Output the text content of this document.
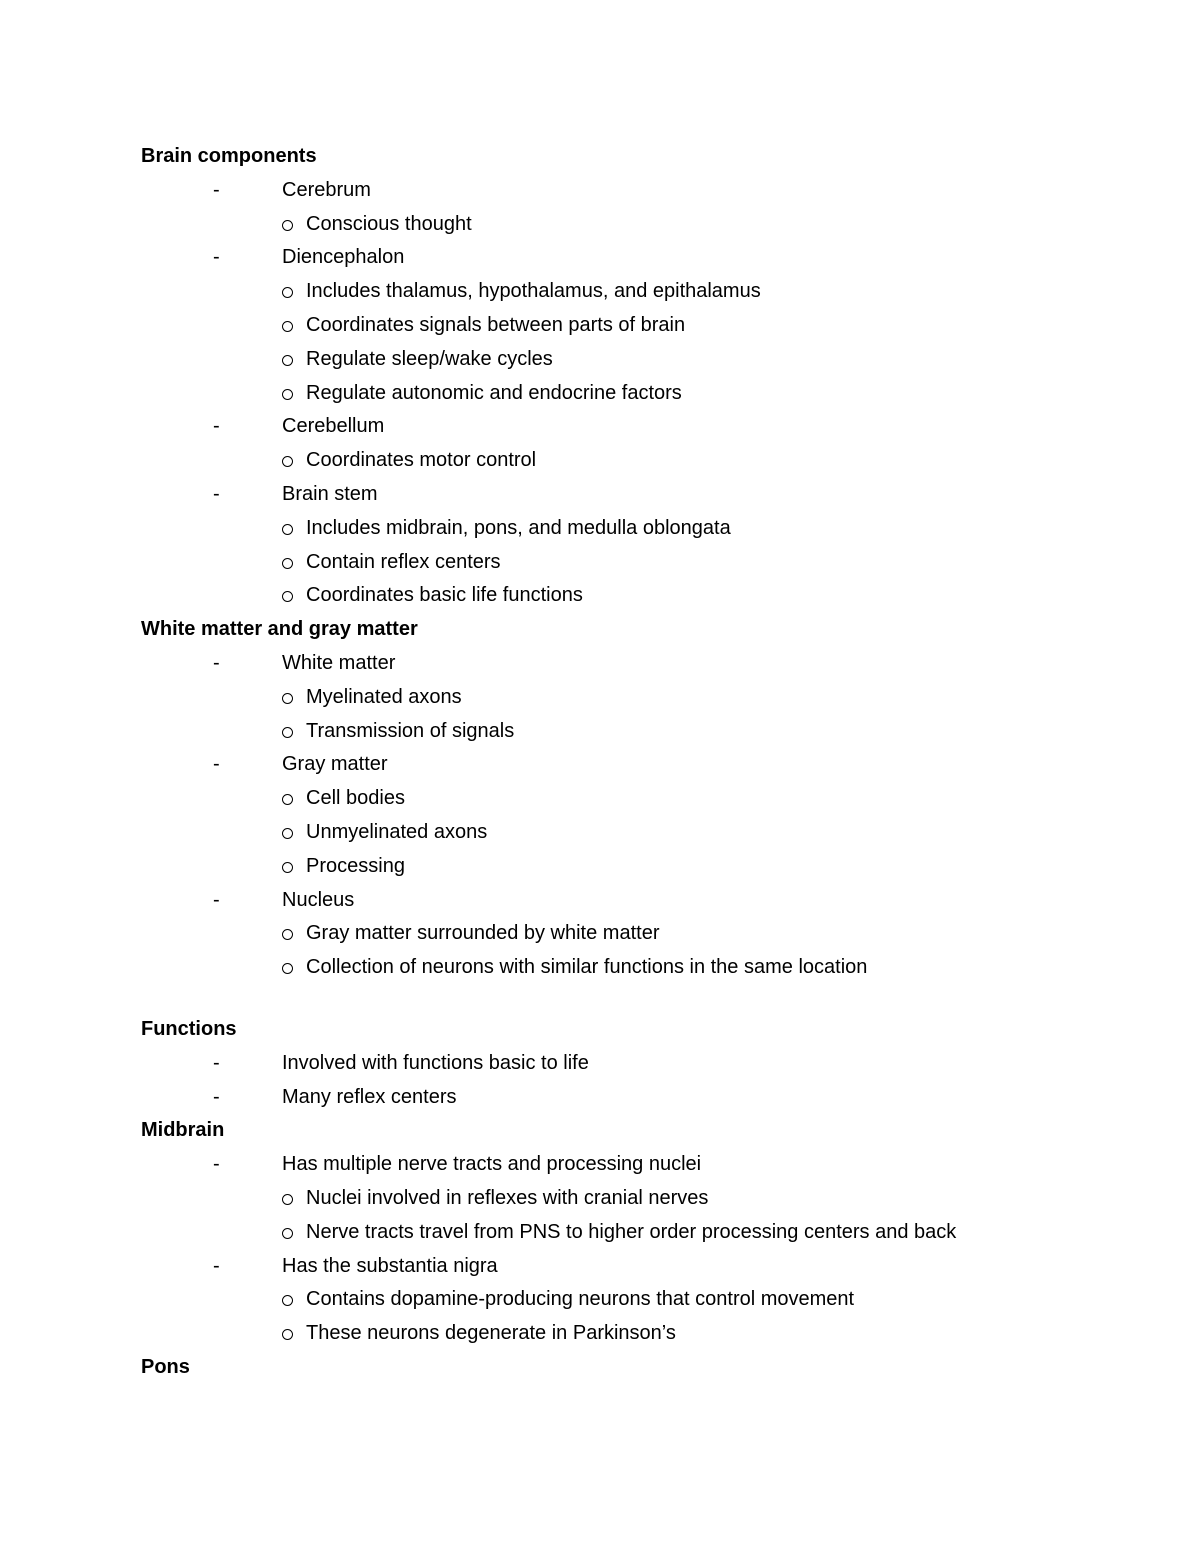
Brain components
-	Cerebrum
Conscious thought
-	Diencephalon
Includes thalamus, hypothalamus, and epithalamus
Coordinates signals between parts of brain
Regulate sleep/wake cycles
Regulate autonomic and endocrine factors
-	Cerebellum
Coordinates motor control
-	Brain stem
Includes midbrain, pons, and medulla oblongata
Contain reflex centers
Coordinates basic life functions
White matter and gray matter
-	White matter
Myelinated axons
Transmission of signals
-	Gray matter
Cell bodies
Unmyelinated axons
Processing
-	Nucleus
Gray matter surrounded by white matter
Collection of neurons with similar functions in the same location
Functions
-	Involved with functions basic to life
-	Many reflex centers
Midbrain
-	Has multiple nerve tracts and processing nuclei
Nuclei involved in reflexes with cranial nerves
Nerve tracts travel from PNS to higher order processing centers and back
-	Has the substantia nigra
Contains dopamine-producing neurons that control movement
These neurons degenerate in Parkinson’s
Pons
